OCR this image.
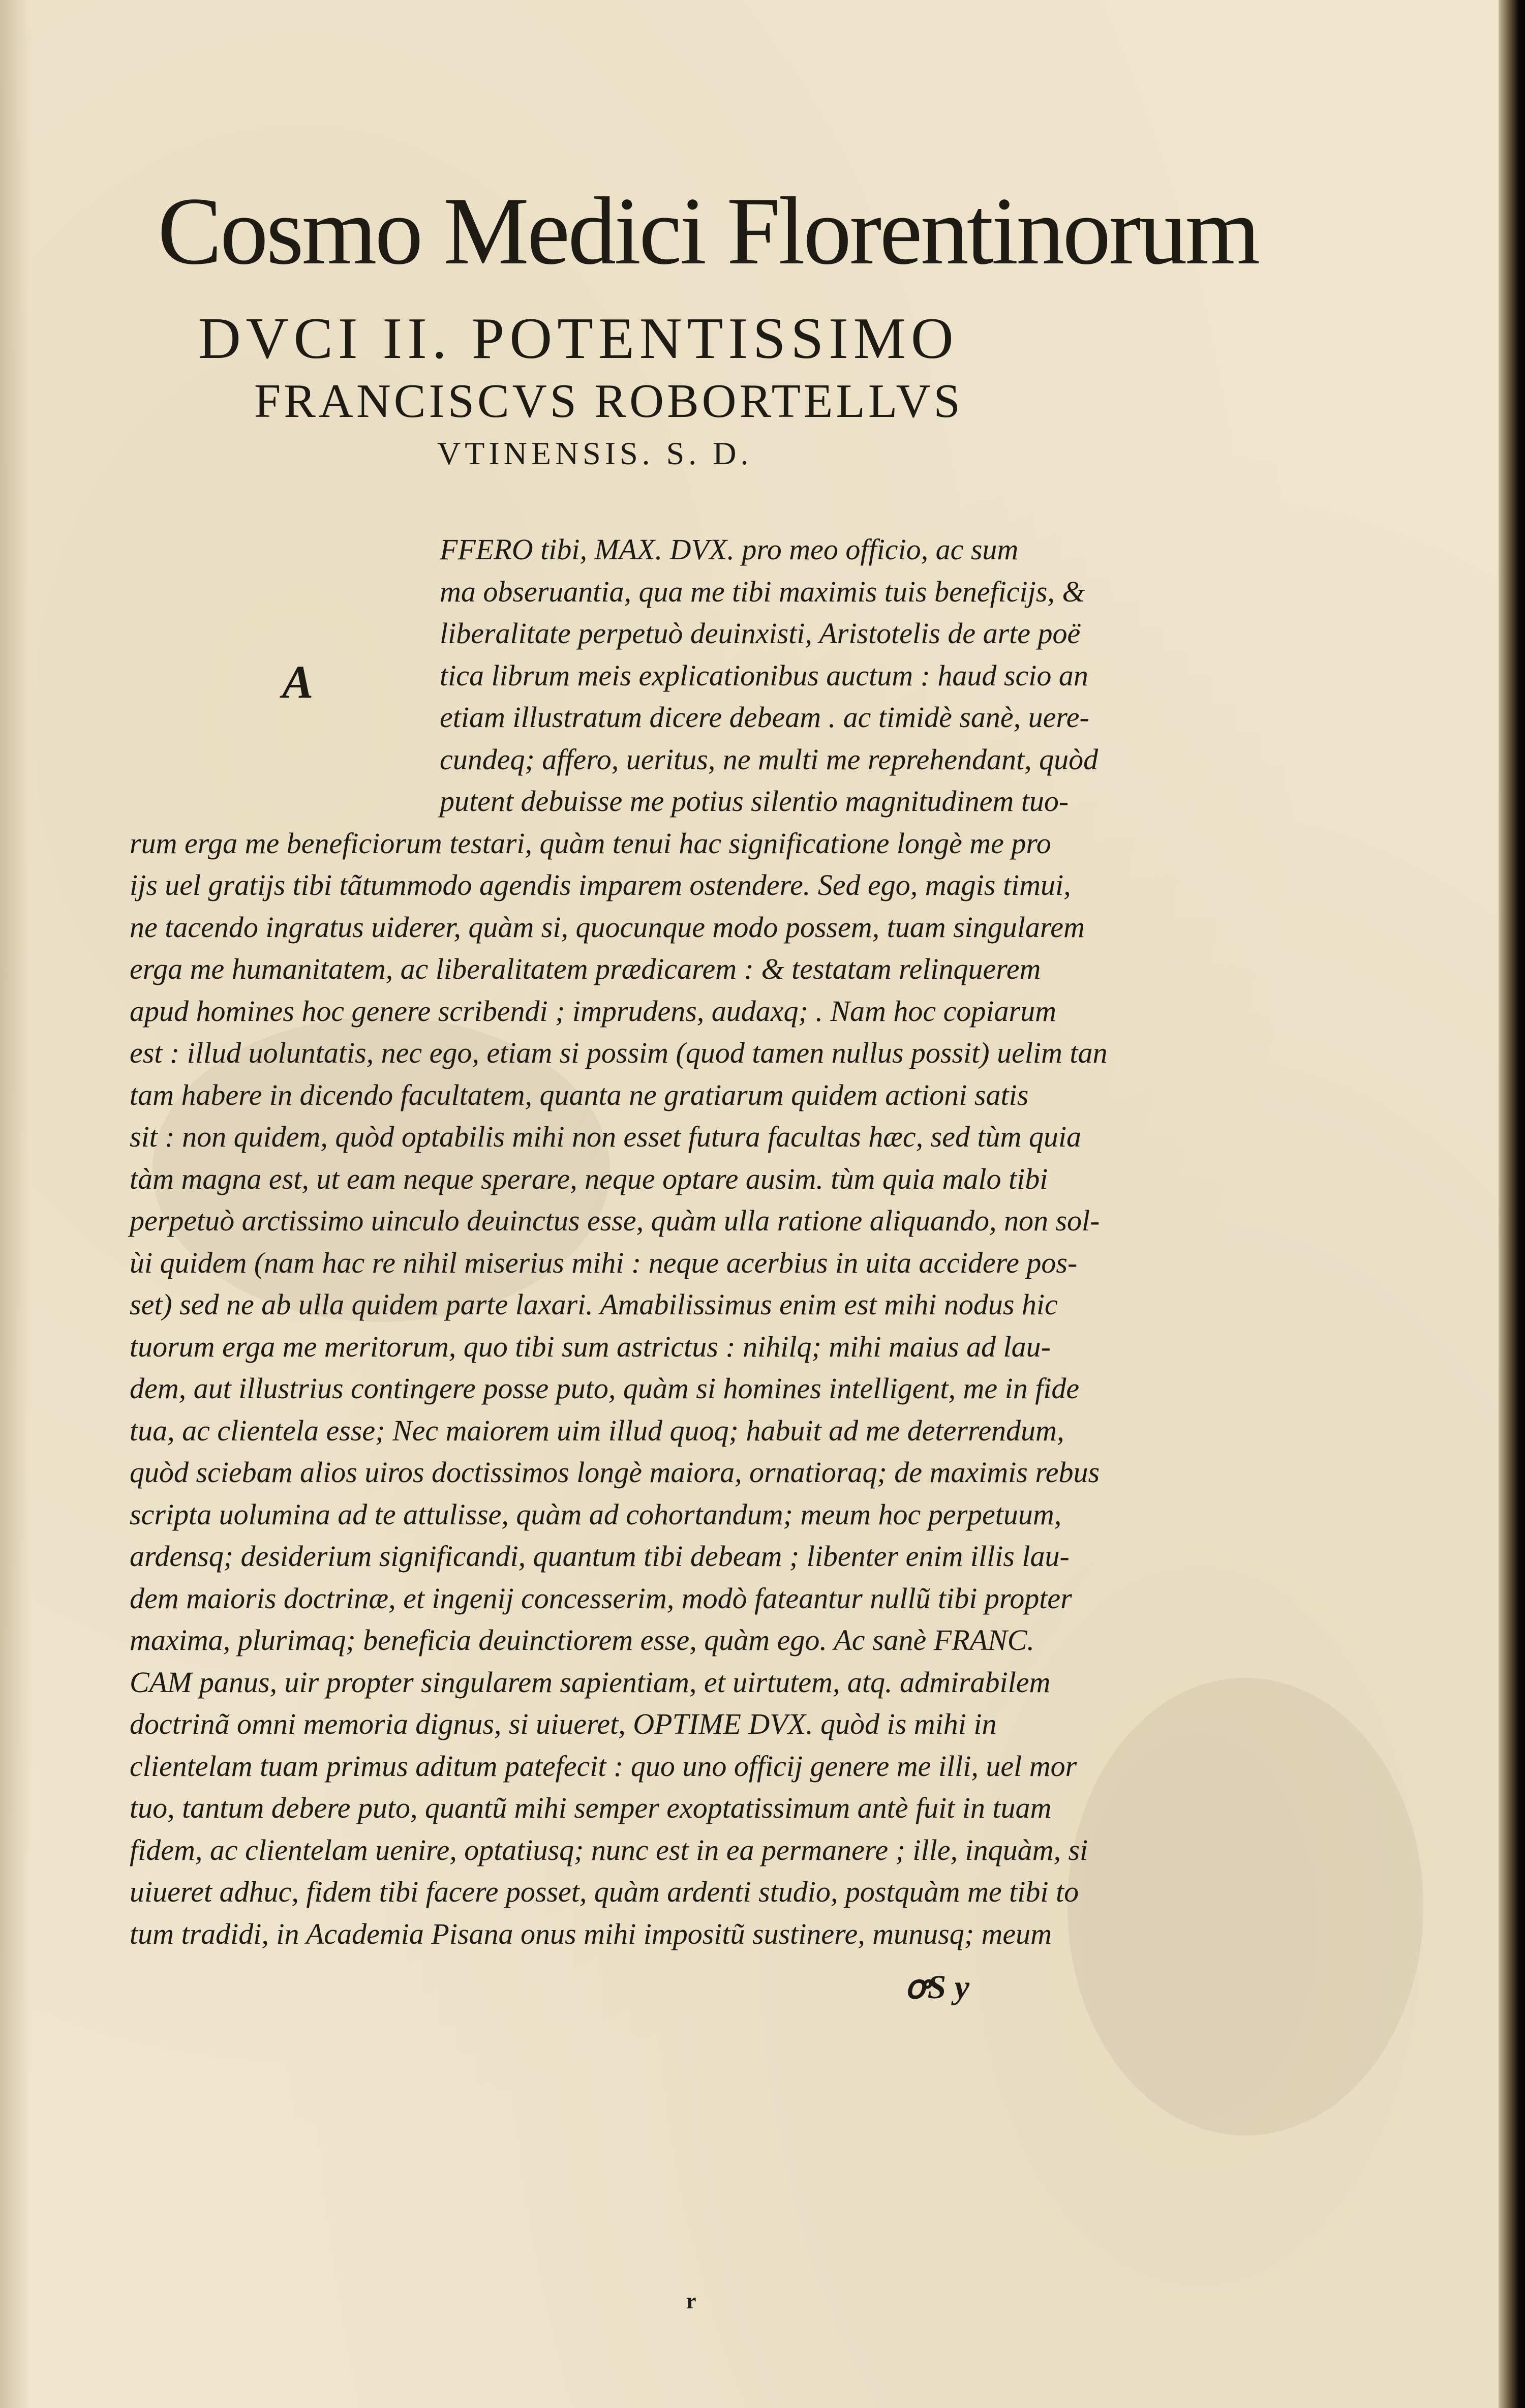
Cosmo Medici Florentinorum
DVCI II. POTENTISSIMO
FRANCISCVS ROBORTELLVS
VTINENSIS. S. D.
A
FFERO tibi, MAX. DVX. pro meo officio, ac sum
ma obseruantia, qua me tibi maximis tuis beneficijs, &
liberalitate perpetuò deuinxisti, Aristotelis de arte poë
tica librum meis explicationibus auctum : haud scio an
etiam illustratum dicere debeam . ac timidè sanè, uere-
cundeq; affero, ueritus, ne multi me reprehendant, quòd
putent debuisse me potius silentio magnitudinem tuo-
rum erga me beneficiorum testari, quàm tenui hac significatione longè me pro
ijs uel gratijs tibi tãtummodo agendis imparem ostendere. Sed ego, magis timui,
ne tacendo ingratus uiderer, quàm si, quocunque modo possem, tuam singularem
erga me humanitatem, ac liberalitatem prædicarem : & testatam relinquerem
apud homines hoc genere scribendi ; imprudens, audaxq; . Nam hoc copiarum
est : illud uoluntatis, nec ego, etiam si possim (quod tamen nullus possit) uelim tan
tam habere in dicendo facultatem, quanta ne gratiarum quidem actioni satis
sit : non quidem, quòd optabilis mihi non esset futura facultas hæc, sed tùm quia
tàm magna est, ut eam neque sperare, neque optare ausim. tùm quia malo tibi
perpetuò arctissimo uinculo deuinctus esse, quàm ulla ratione aliquando, non sol-
ùi quidem (nam hac re nihil miserius mihi : neque acerbius in uita accidere pos-
set) sed ne ab ulla quidem parte laxari. Amabilissimus enim est mihi nodus hic
tuorum erga me meritorum, quo tibi sum astrictus : nihilq; mihi maius ad lau-
dem, aut illustrius contingere posse puto, quàm si homines intelligent, me in fide
tua, ac clientela esse; Nec maiorem uim illud quoq; habuit ad me deterrendum,
quòd sciebam alios uiros doctissimos longè maiora, ornatioraq; de maximis rebus
scripta uolumina ad te attulisse, quàm ad cohortandum; meum hoc perpetuum,
ardensq; desiderium significandi, quantum tibi debeam ; libenter enim illis lau-
dem maioris doctrinæ, et ingenij concesserim, modò fateantur nullũ tibi propter
maxima, plurimaq; beneficia deuinctiorem esse, quàm ego. Ac sanè FRANC.
CAM panus, uir propter singularem sapientiam, et uirtutem, atq. admirabilem
doctrinã omni memoria dignus, si uiueret, OPTIME DVX. quòd is mihi in
clientelam tuam primus aditum patefecit : quo uno officij genere me illi, uel mor
tuo, tantum debere puto, quantũ mihi semper exoptatissimum antè fuit in tuam
fidem, ac clientelam uenire, optatiusq; nunc est in ea permanere ; ille, inquàm, si
uiueret adhuc, fidem tibi facere posset, quàm ardenti studio, postquàm me tibi to
tum tradidi, in Academia Pisana onus mihi impositũ sustinere, munusq; meum
ꝍS y
r
